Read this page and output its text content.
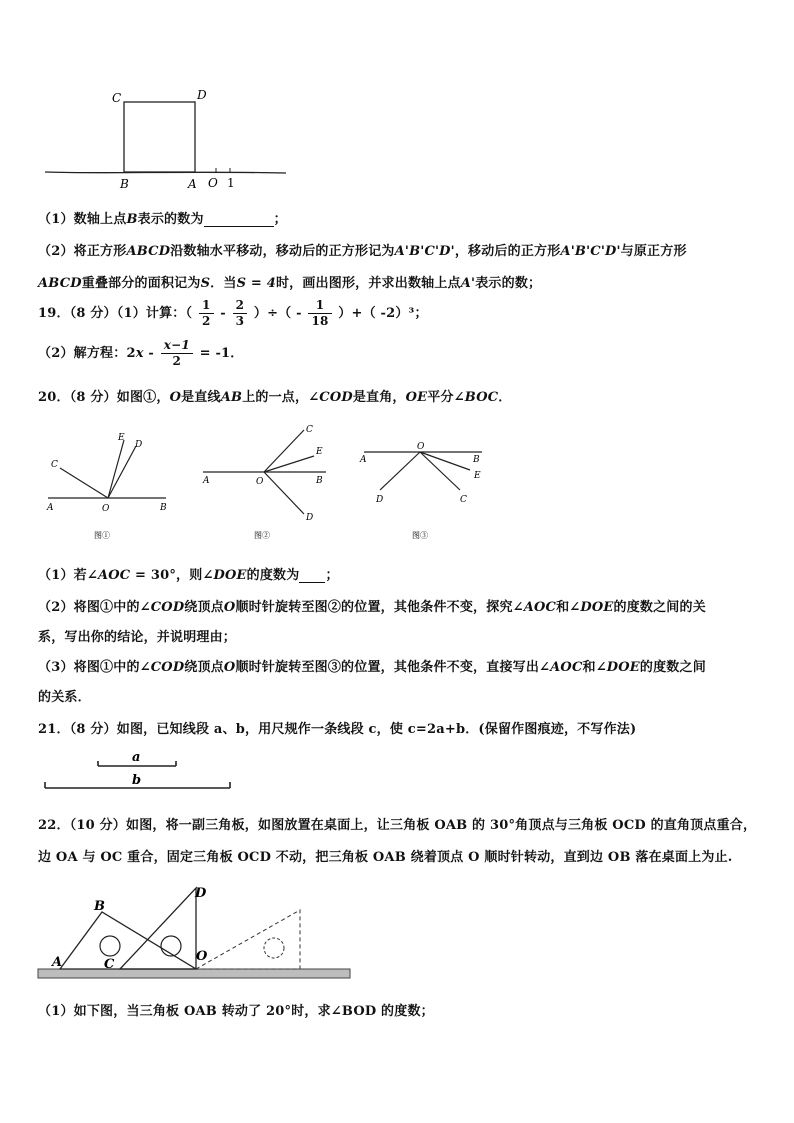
C	D
B	A O 1
（1）数轴上点B表示的数为	；
（2）将正方形ABCD沿数轴水平移动，移动后的正方形记为A'B'C'D'，移动后的正方形A'B'C'D'与原正方形
ABCD重叠部分的面积记为S．当S = 4时，画出图形，并求出数轴上点A'表示的数；
19．（8 分）（1）计算：（ $\frac{1}{2} - \frac{2}{3}$ ）÷（ - $\frac{1}{18}$ ）+（ -2）³；
（2）解方程：$2x - \frac{x-1}{2} = -1$．
20．（8 分）如图①，O是直线AB上的一点，∠COD是直角，OE平分∠BOC．
A	O	B
C
E
D
图①
A	O	B
C
E
D
图②
A
O
B
E
D	C
图③
（1）若∠AOC = 30°，则∠DOE的度数为 ；
（2）将图①中的∠COD绕顶点O顺时针旋转至图②的位置，其他条件不变，探究∠AOC和∠DOE的度数之间的关
系，写出你的结论，并说明理由；
（3）将图①中的∠COD绕顶点O顺时针旋转至图③的位置，其他条件不变，直接写出∠AOC和∠DOE的度数之间
的关系．
21．（8 分）如图，已知线段 a、b，用尺规作一条线段 c，使 c=2a+b．(保留作图痕迹，不写作法)
a
b
22．（10 分）如图，将一副三角板，如图放置在桌面上，让三角板 OAB 的 30°角顶点与三角板 OCD 的直角顶点重合，
边 OA 与 OC 重合，固定三角板 OCD 不动，把三角板 OAB 绕着顶点 O 顺时针转动，直到边 OB 落在桌面上为止.
A
B
C
D
O
（1）如下图，当三角板 OAB 转动了 20°时，求∠BOD 的度数；
